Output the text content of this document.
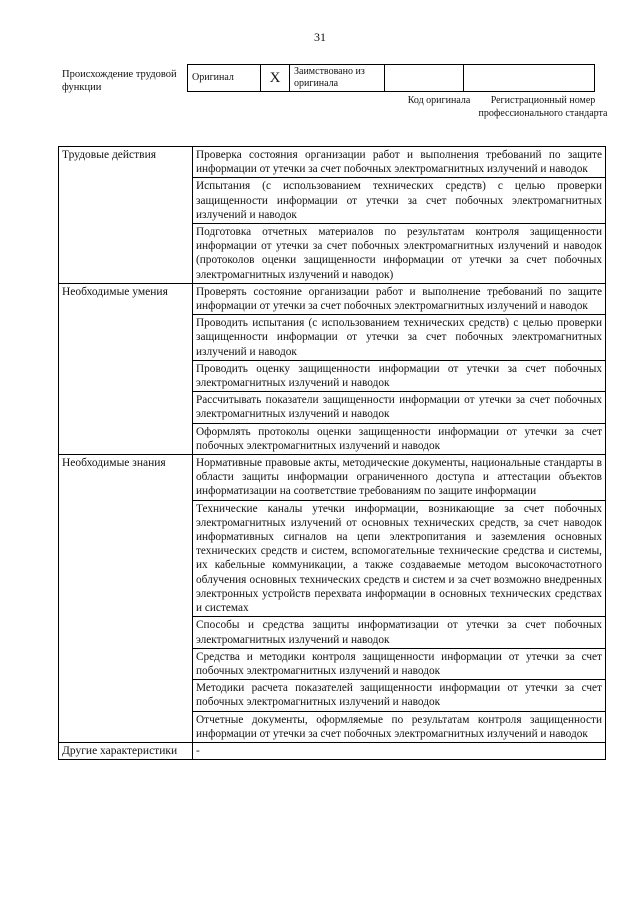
31
Происхождение трудовой функции
Оригинал	X	Заимствовано из оригинала		
Код оригинала	Регистрационный номер профессионального стандарта
Трудовые действия	Проверка состояния организации работ и выполнения требований по защите информации от утечки за счет побочных электромагнитных излучений и наводок
	Испытания (с использованием технических средств) с целью проверки защищенности информации от утечки за счет побочных электромагнитных излучений и наводок
	Подготовка отчетных материалов по результатам контроля защищенности информации от утечки за счет побочных электромагнитных излучений и наводок (протоколов оценки защищенности информации от утечки за счет побочных электромагнитных излучений и наводок)
Необходимые умения	Проверять состояние организации работ и выполнение требований по защите информации от утечки за счет побочных электромагнитных излучений и наводок
	Проводить испытания (с использованием технических средств) с целью проверки защищенности информации от утечки за счет побочных электромагнитных излучений и наводок
	Проводить оценку защищенности информации от утечки за счет побочных электромагнитных излучений и наводок
	Рассчитывать показатели защищенности информации от утечки за счет побочных электромагнитных излучений и наводок
	Оформлять протоколы оценки защищенности информации от утечки за счет побочных электромагнитных излучений и наводок
Необходимые знания	Нормативные правовые акты, методические документы, национальные стандарты в области защиты информации ограниченного доступа и аттестации объектов информатизации на соответствие требованиям по защите информации
	Технические каналы утечки информации, возникающие за счет побочных электромагнитных излучений от основных технических средств, за счет наводок информативных сигналов на цепи электропитания и заземления основных технических средств и систем, вспомогательные технические средства и системы, их кабельные коммуникации, а также создаваемые методом высокочастотного облучения основных технических средств и систем и за счет возможно внедренных электронных устройств перехвата информации в основных технических средствах и системах
	Способы и средства защиты информатизации от утечки за счет побочных электромагнитных излучений и наводок
	Средства и методики контроля защищенности информации от утечки за счет побочных электромагнитных излучений и наводок
	Методики расчета показателей защищенности информации от утечки за счет побочных электромагнитных излучений и наводок
	Отчетные документы, оформляемые по результатам контроля защищенности информации от утечки за счет побочных электромагнитных излучений и наводок
Другие характеристики	-
